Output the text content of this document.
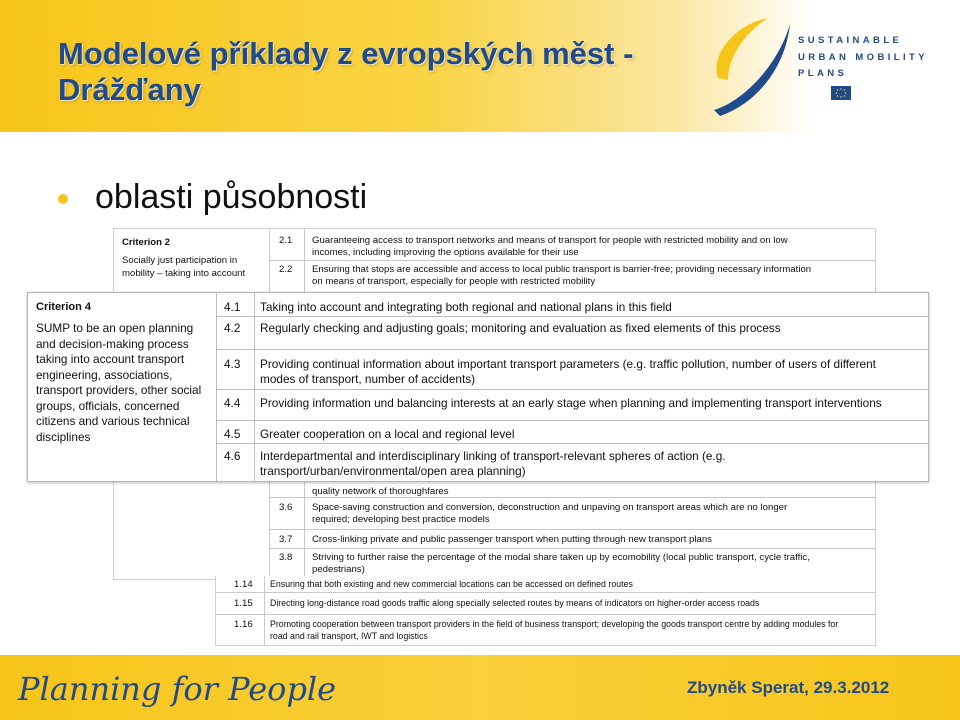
Modelové příklady z evropských měst -
Drážďany
SUSTAINABLE
URBAN MOBILITY
PLANS
oblasti působnosti
Criterion 2
Socially just participation in
mobility – taking into account
2.1 Guaranteeing access to transport networks and means of transport for people with restricted mobility and on low
incomes, including improving the options available for their use
2.2 Ensuring that stops are accessible and access to local public transport is barrier-free; providing necessary information
on means of transport, especially for people with restricted mobility
quality network of thoroughfares
3.6 Space-saving construction and conversion, deconstruction and unpaving on transport areas which are no longer
required; developing best practice models
3.7 Cross-linking private and public passenger transport when putting through new transport plans
3.8 Striving to further raise the percentage of the modal share taken up by ecomobility (local public transport, cycle traffic,
pedestrians)
1.14 Ensuring that both existing and new commercial locations can be accessed on defined routes
1.15 Directing long-distance road goods traffic along specially selected routes by means of indicators on higher-order access roads
1.16 Promoting cooperation between transport providers in the field of business transport; developing the goods transport centre by adding modules for
road and rail transport, IWT and logistics
Criterion 4
SUMP to be an open planning
and decision-making process
taking into account transport
engineering, associations,
transport providers, other social
groups, officials, concerned
citizens and various technical
disciplines
4.1 Taking into account and integrating both regional and national plans in this field
4.2 Regularly checking and adjusting goals; monitoring and evaluation as fixed elements of this process
4.3 Providing continual information about important transport parameters (e.g. traffic pollution, number of users of different
modes of transport, number of accidents)
4.4 Providing information und balancing interests at an early stage when planning and implementing transport interventions
4.5 Greater cooperation on a local and regional level
4.6 Interdepartmental and interdisciplinary linking of transport-relevant spheres of action (e.g.
transport/urban/environmental/open area planning)
Planning for People	Zbyněk Sperat, 29.3.2012
